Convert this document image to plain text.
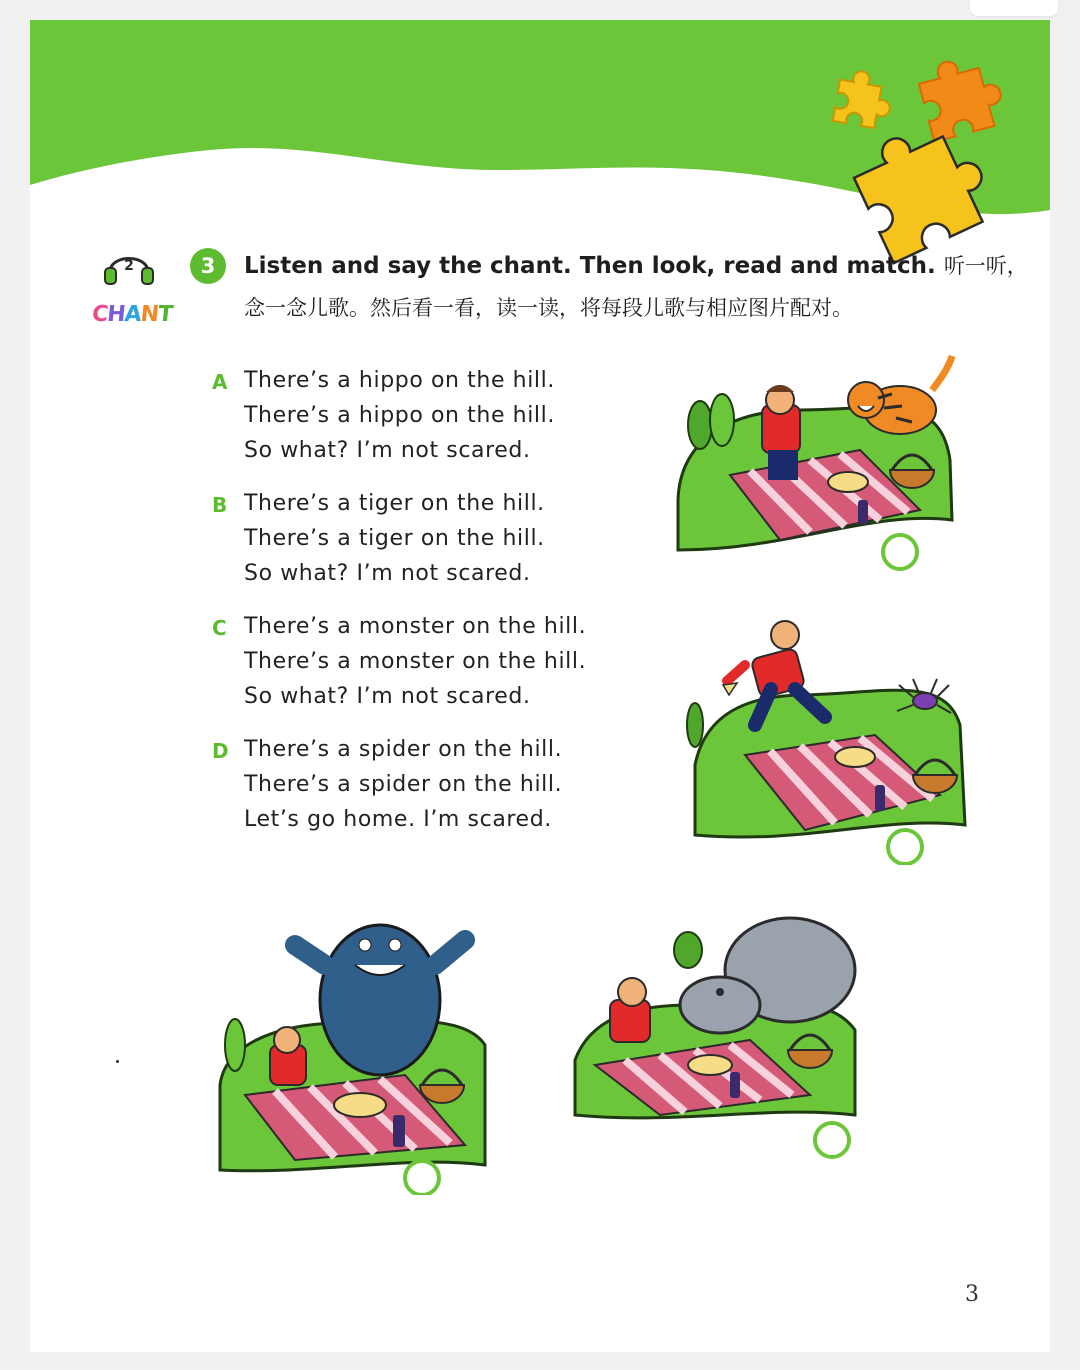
2
CHANT
3	Listen and say the chant. Then look, read and match. 听一听，
念一念儿歌。然后看一看，读一读，将每段儿歌与相应图片配对。
A There’s a hippo on the hill.
There’s a hippo on the hill.
So what? I’m not scared.
B There’s a tiger on the hill.
There’s a tiger on the hill.
So what? I’m not scared.
C There’s a monster on the hill.
There’s a monster on the hill.
So what? I’m not scared.
D There’s a spider on the hill.
There’s a spider on the hill.
Let’s go home. I’m scared.
3
